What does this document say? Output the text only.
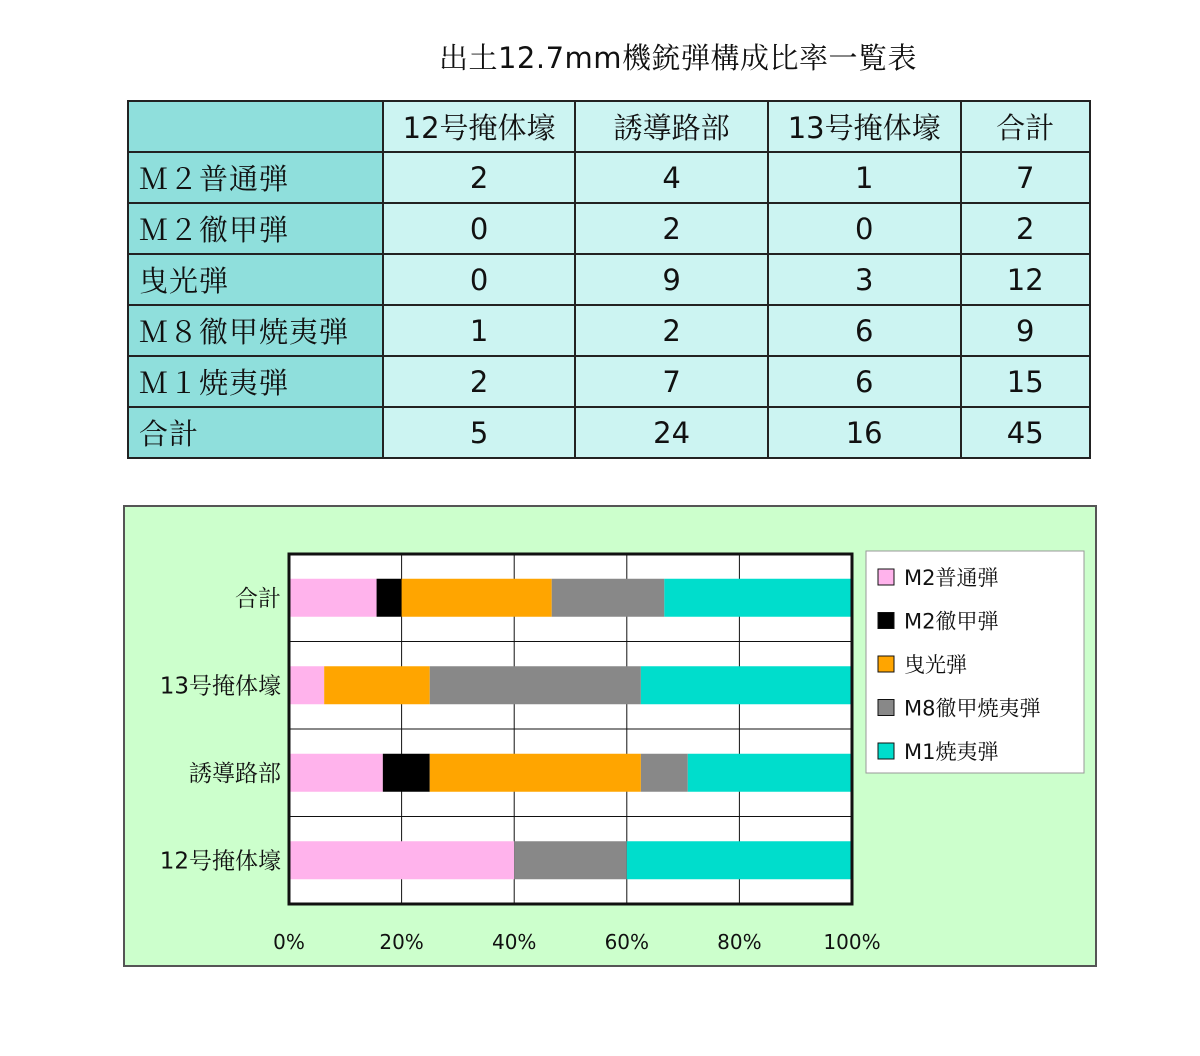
出土12.7mm機銃弾構成比率一覧表
	12号掩体壕	誘導路部	13号掩体壕	合計
Ｍ２普通弾	2	4	1	7
Ｍ２徹甲弾	0	2	0	2
曳光弾	0	9	3	12
Ｍ８徹甲焼夷弾	1	2	6	9
Ｍ１焼夷弾	2	7	6	15
合計	5	24	16	45
0%	20%	40%	60%	80%	100%
合計
13号掩体壕
誘導路部
12号掩体壕
M2普通弾
M2徹甲弾
曳光弾
M8徹甲焼夷弾
M1焼夷弾
